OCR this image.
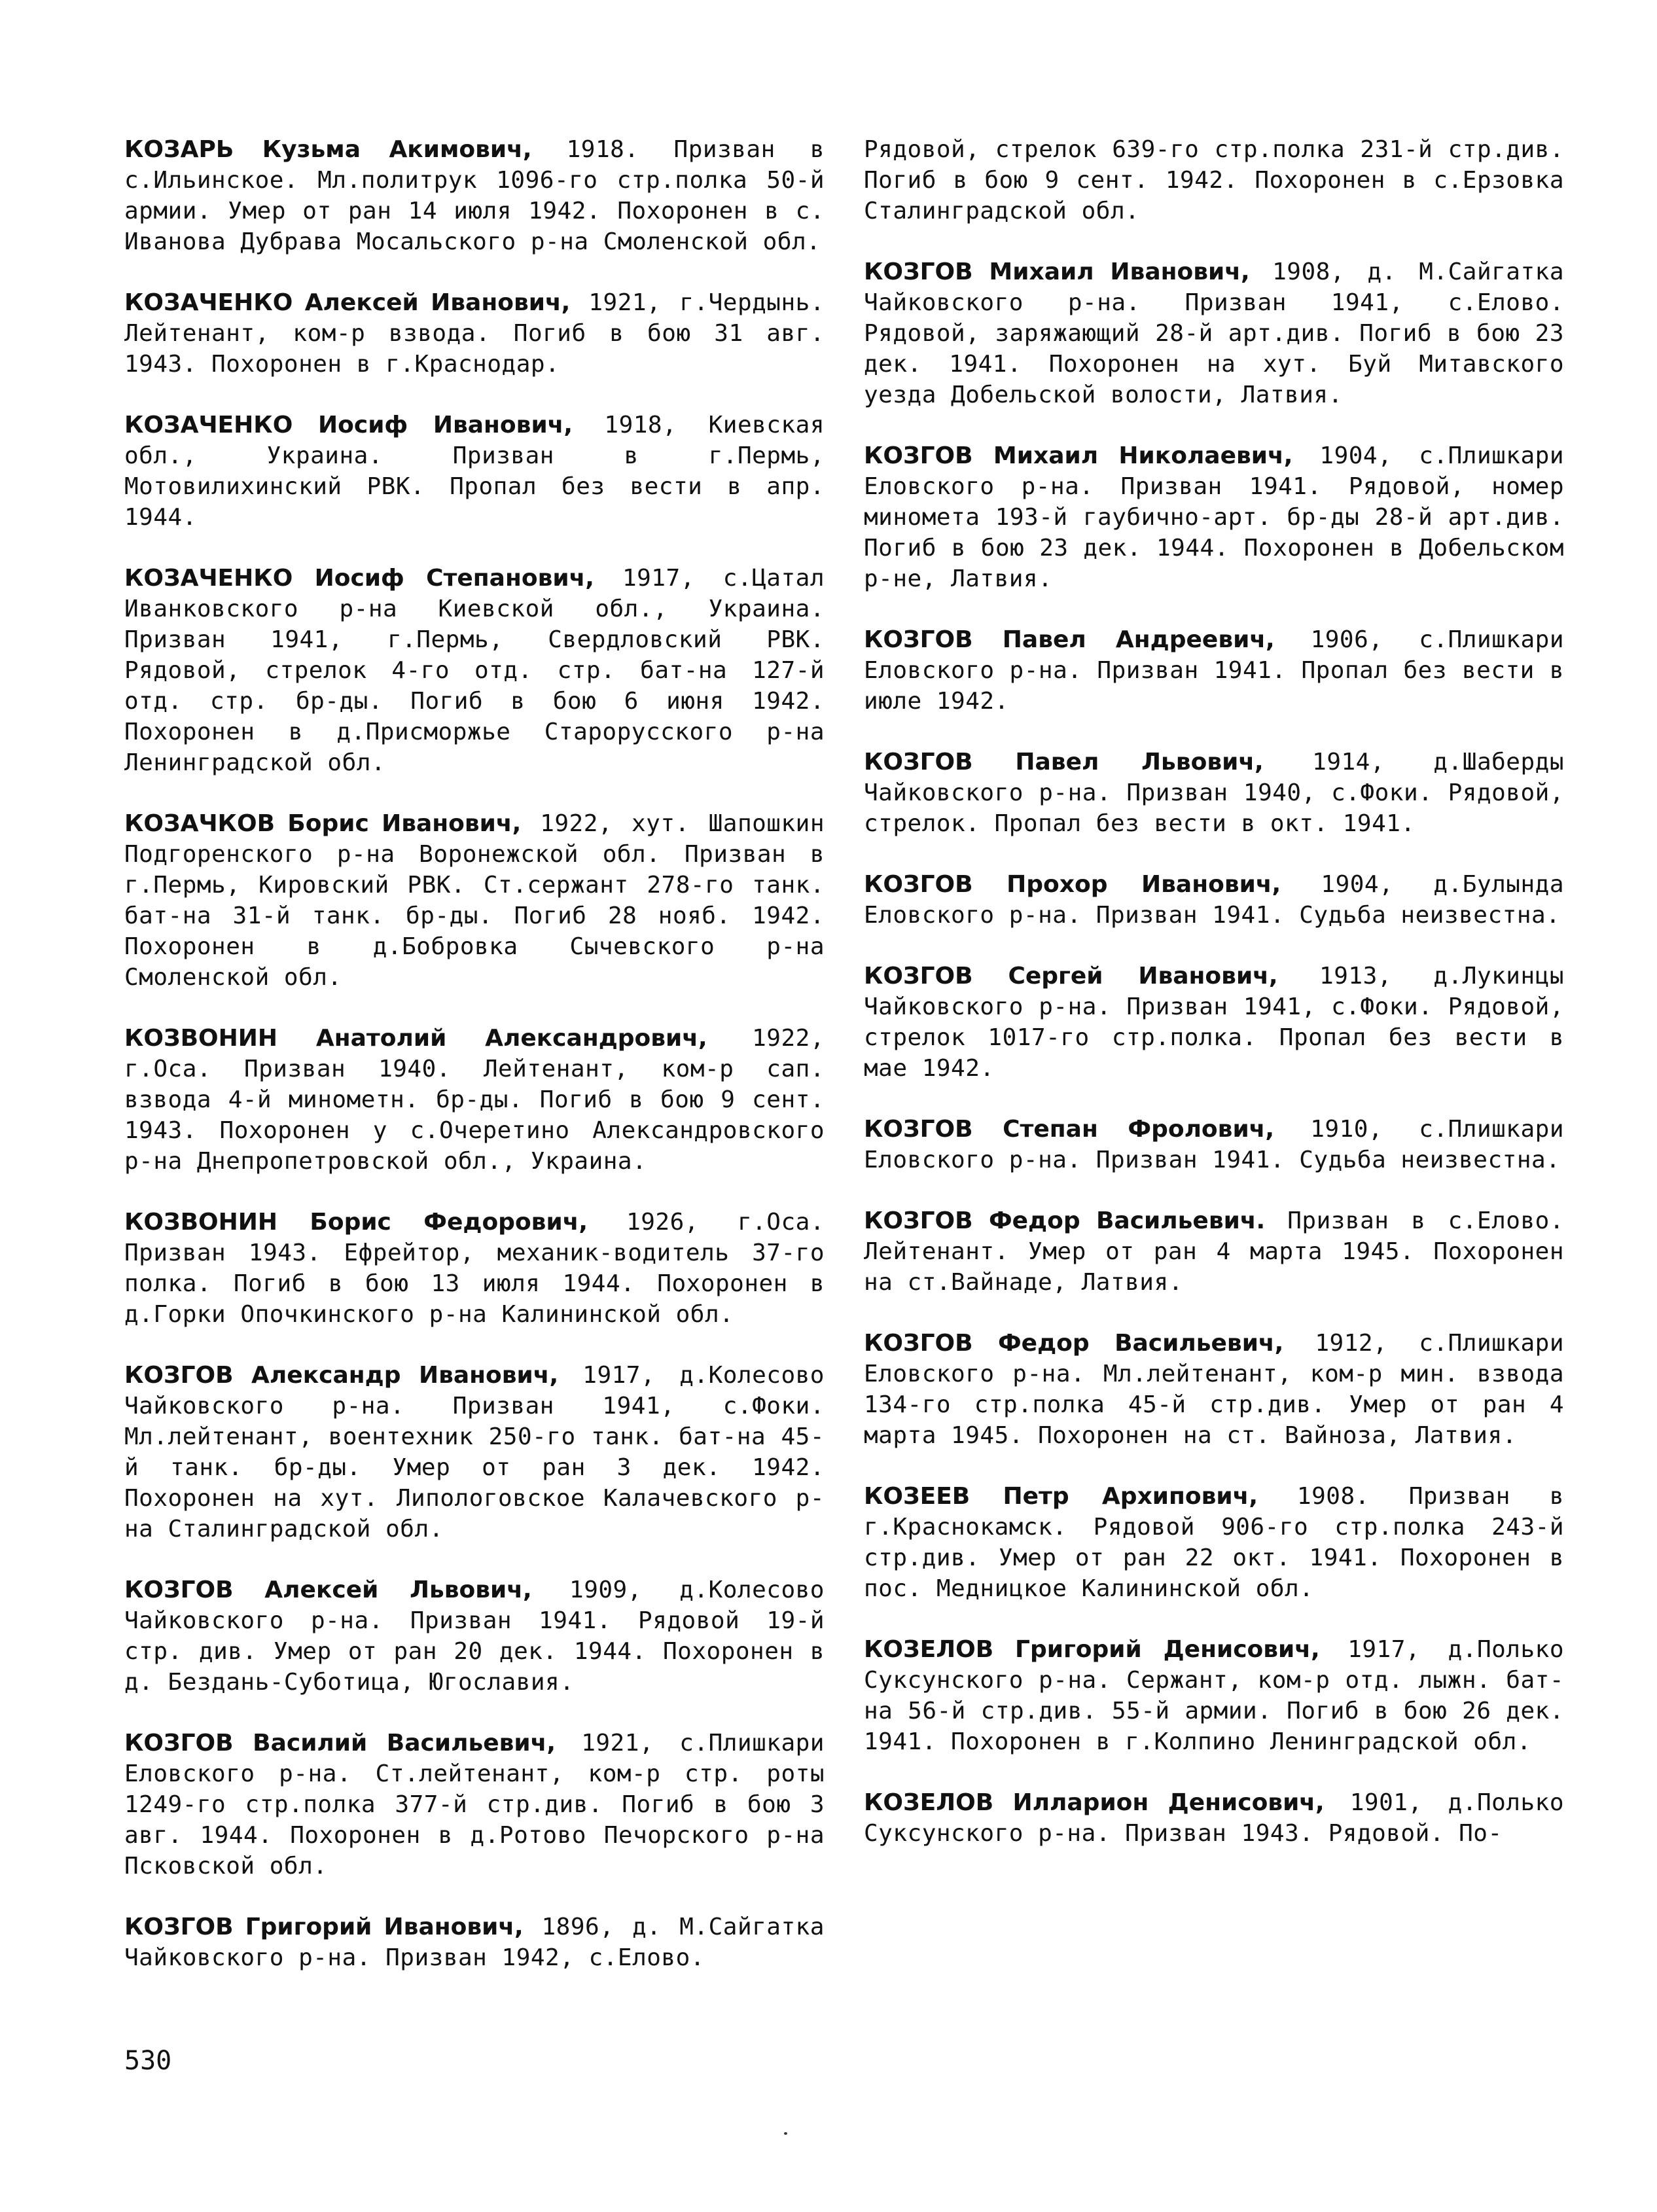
КОЗАРЬ Кузьма Акимович, 1918. Призван в с.Ильинское. Мл.политрук 1096-го стр.полка 50-й армии. Умер от ран 14 июля 1942. Похоронен в с. Иванова Дубрава Мосальского р-на Смоленской обл.

КОЗАЧЕНКО Алексей Иванович, 1921, г.Чердынь. Лейтенант, ком-р взвода. Погиб в бою 31 авг. 1943. Похоронен в г.Краснодар.

КОЗАЧЕНКО Иосиф Иванович, 1918, Киевская обл., Украина. Призван в г.Пермь, Мотовилихинский РВК. Пропал без вести в апр. 1944.

КОЗАЧЕНКО Иосиф Степанович, 1917, с.Цатал Иванковского р-на Киевской обл., Украина. Призван 1941, г.Пермь, Свердловский РВК. Рядовой, стрелок 4-го отд. стр. бат-на 127-й отд. стр. бр-ды. Погиб в бою 6 июня 1942. Похоронен в д.Присморжье Старорусского р-на Ленинградской обл.

КОЗАЧКОВ Борис Иванович, 1922, хут. Шапошкин Подгоренского р-на Воронежской обл. Призван в г.Пермь, Кировский РВК. Ст.сержант 278-го танк. бат-на 31-й танк. бр-ды. Погиб 28 нояб. 1942. Похоронен в д.Бобровка Сычевского р-на Смоленской обл.

КОЗВОНИН Анатолий Александрович, 1922, г.Оса. Призван 1940. Лейтенант, ком-р сап. взвода 4-й минометн. бр-ды. Погиб в бою 9 сент. 1943. Похоронен у с.Очеретино Александровского р-на Днепропетровской обл., Украина.

КОЗВОНИН Борис Федорович, 1926, г.Оса. Призван 1943. Ефрейтор, механик-водитель 37-го полка. Погиб в бою 13 июля 1944. Похоронен в д.Горки Опочкинского р-на Калининской обл.

КОЗГОВ Александр Иванович, 1917, д.Колесово Чайковского р-на. Призван 1941, с.Фоки. Мл.лейтенант, воентехник 250-го танк. бат-на 45-й танк. бр-ды. Умер от ран 3 дек. 1942. Похоронен на хут. Липологовское Калачевского р-на Сталинградской обл.

КОЗГОВ Алексей Львович, 1909, д.Колесово Чайковского р-на. Призван 1941. Рядовой 19-й стр. див. Умер от ран 20 дек. 1944. Похоронен в д. Бездань-Суботица, Югославия.

КОЗГОВ Василий Васильевич, 1921, с.Плишкари Еловского р-на. Ст.лейтенант, ком-р стр. роты 1249-го стр.полка 377-й стр.див. Погиб в бою 3 авг. 1944. Похоронен в д.Ротово Печорского р-на Псковской обл.

КОЗГОВ Григорий Иванович, 1896, д. М.Сайгатка Чайковского р-на. Призван 1942, с.Елово.

Рядовой, стрелок 639-го стр.полка 231-й стр.див. Погиб в бою 9 сент. 1942. Похоронен в с.Ерзовка Сталинградской обл.

КОЗГОВ Михаил Иванович, 1908, д. М.Сайгатка Чайковского р-на. Призван 1941, с.Елово. Рядовой, заряжающий 28-й арт.див. Погиб в бою 23 дек. 1941. Похоронен на хут. Буй Митавского уезда Добельской волости, Латвия.

КОЗГОВ Михаил Николаевич, 1904, с.Плишкари Еловского р-на. Призван 1941. Рядовой, номер миномета 193-й гаубично-арт. бр-ды 28-й арт.див. Погиб в бою 23 дек. 1944. Похоронен в Добельском р-не, Латвия.

КОЗГОВ Павел Андреевич, 1906, с.Плишкари Еловского р-на. Призван 1941. Пропал без вести в июле 1942.

КОЗГОВ Павел Львович, 1914, д.Шаберды Чайковского р-на. Призван 1940, с.Фоки. Рядовой, стрелок. Пропал без вести в окт. 1941.

КОЗГОВ Прохор Иванович, 1904, д.Булында Еловского р-на. Призван 1941. Судьба неизвестна.

КОЗГОВ Сергей Иванович, 1913, д.Лукинцы Чайковского р-на. Призван 1941, с.Фоки. Рядовой, стрелок 1017-го стр.полка. Пропал без вести в мае 1942.

КОЗГОВ Степан Фролович, 1910, с.Плишкари Еловского р-на. Призван 1941. Судьба неизвестна.

КОЗГОВ Федор Васильевич. Призван в с.Елово. Лейтенант. Умер от ран 4 марта 1945. Похоронен на ст.Вайнаде, Латвия.

КОЗГОВ Федор Васильевич, 1912, с.Плишкари Еловского р-на. Мл.лейтенант, ком-р мин. взвода 134-го стр.полка 45-й стр.див. Умер от ран 4 марта 1945. Похоронен на ст. Вайноза, Латвия.

КОЗЕЕВ Петр Архипович, 1908. Призван в г.Краснокамск. Рядовой 906-го стр.полка 243-й стр.див. Умер от ран 22 окт. 1941. Похоронен в пос. Медницкое Калининской обл.

КОЗЕЛОВ Григорий Денисович, 1917, д.Полько Суксунского р-на. Сержант, ком-р отд. лыжн. бат-на 56-й стр.див. 55-й армии. Погиб в бою 26 дек. 1941. Похоронен в г.Колпино Ленинградской обл.

КОЗЕЛОВ Илларион Денисович, 1901, д.Полько Суксунского р-на. Призван 1943. Рядовой. По-

530
